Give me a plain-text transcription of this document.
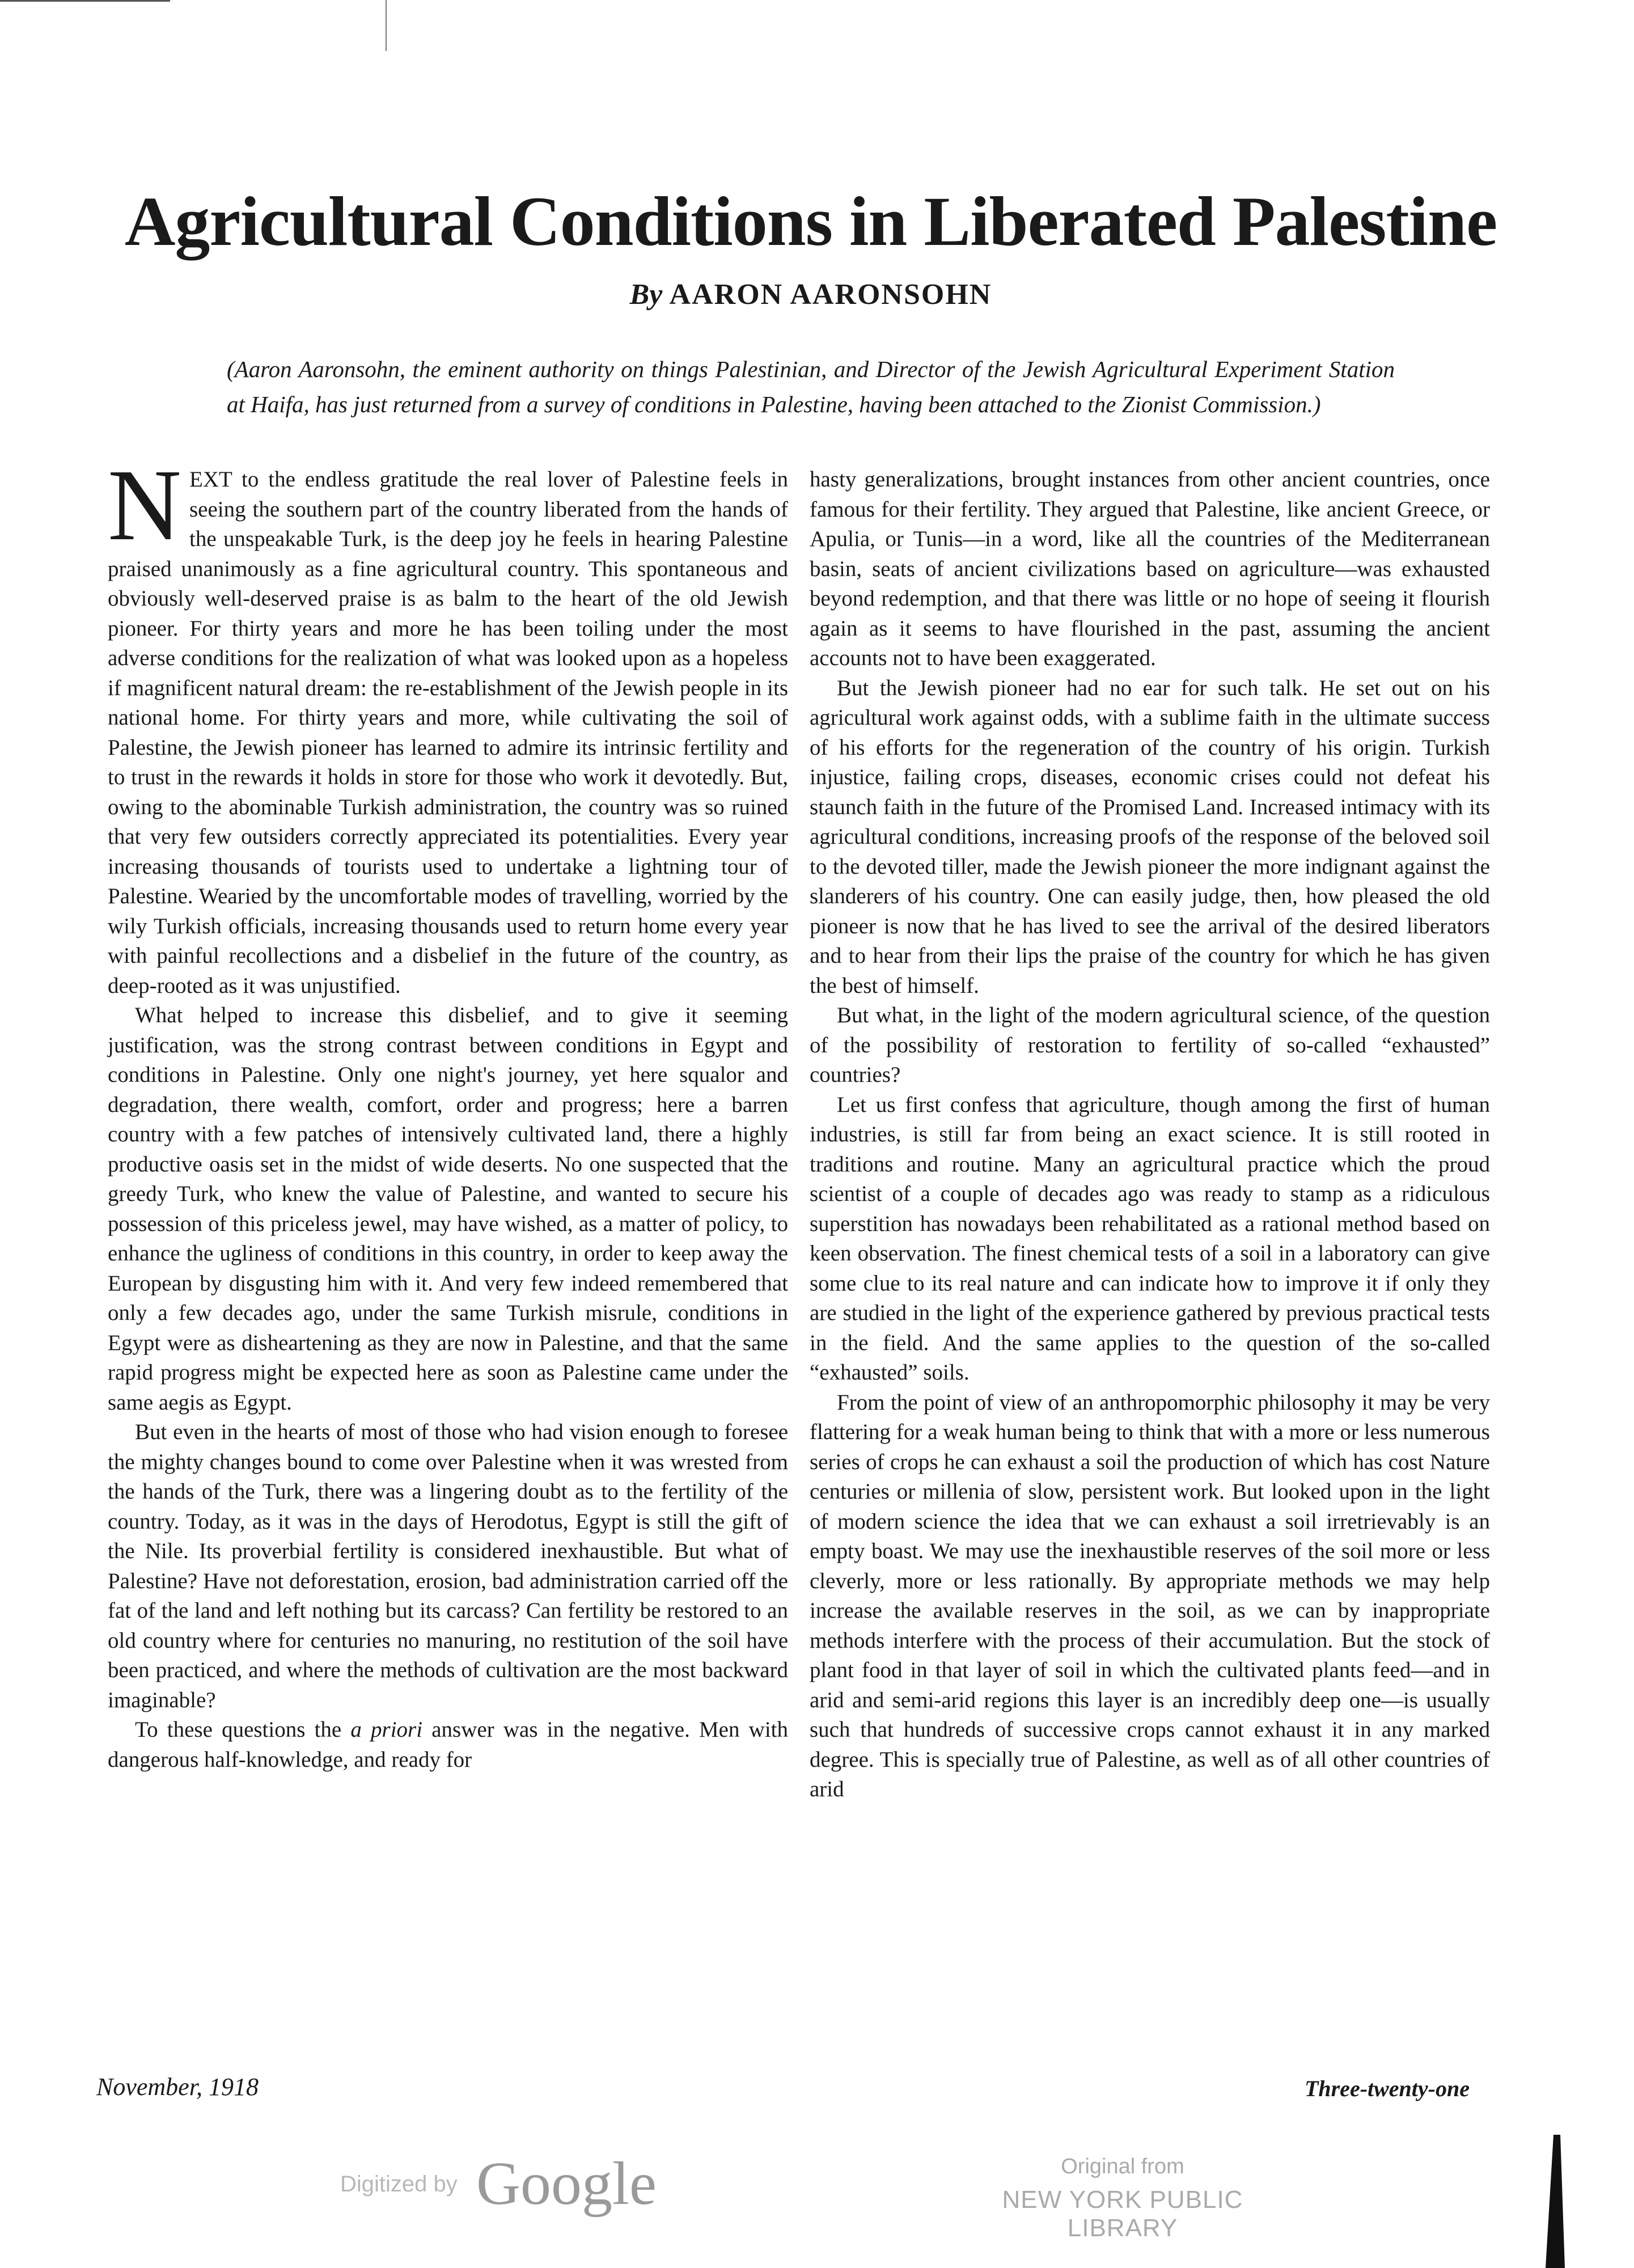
Agricultural Conditions in Liberated Palestine
By AARON AARONSOHN
(Aaron Aaronsohn, the eminent authority on things Palestinian, and Director of the Jewish Agricultural Experiment Station at Haifa, has just returned from a survey of conditions in Palestine, having been attached to the Zionist Commission.)

NEXT to the endless gratitude the real lover of Palestine feels in seeing the southern part of the country liberated from the hands of the unspeakable Turk, is the deep joy he feels in hearing Palestine praised unanimously as a fine agricultural country. This spontaneous and obviously well-deserved praise is as balm to the heart of the old Jewish pioneer. For thirty years and more he has been toiling under the most adverse conditions for the realization of what was looked upon as a hopeless if magnificent natural dream: the re-establishment of the Jewish people in its national home. For thirty years and more, while cultivating the soil of Palestine, the Jewish pioneer has learned to admire its intrinsic fertility and to trust in the rewards it holds in store for those who work it devotedly. But, owing to the abominable Turkish administration, the country was so ruined that very few outsiders correctly appreciated its potentialities. Every year increasing thousands of tourists used to undertake a lightning tour of Palestine. Wearied by the uncomfortable modes of travelling, worried by the wily Turkish officials, increasing thousands used to return home every year with painful recollections and a disbelief in the future of the country, as deep-rooted as it was unjustified.

What helped to increase this disbelief, and to give it seeming justification, was the strong contrast between conditions in Egypt and conditions in Palestine. Only one night's journey, yet here squalor and degradation, there wealth, comfort, order and progress; here a barren country with a few patches of intensively cultivated land, there a highly productive oasis set in the midst of wide deserts. No one suspected that the greedy Turk, who knew the value of Palestine, and wanted to secure his possession of this priceless jewel, may have wished, as a matter of policy, to enhance the ugliness of conditions in this country, in order to keep away the European by disgusting him with it. And very few indeed remembered that only a few decades ago, under the same Turkish misrule, conditions in Egypt were as disheartening as they are now in Palestine, and that the same rapid progress might be expected here as soon as Palestine came under the same aegis as Egypt.

But even in the hearts of most of those who had vision enough to foresee the mighty changes bound to come over Palestine when it was wrested from the hands of the Turk, there was a lingering doubt as to the fertility of the country. Today, as it was in the days of Herodotus, Egypt is still the gift of the Nile. Its proverbial fertility is considered inexhaustible. But what of Palestine? Have not deforestation, erosion, bad administration carried off the fat of the land and left nothing but its carcass? Can fertility be restored to an old country where for centuries no manuring, no restitution of the soil have been practiced, and where the methods of cultivation are the most backward imaginable?

To these questions the a priori answer was in the negative. Men with dangerous half-knowledge, and ready for

hasty generalizations, brought instances from other ancient countries, once famous for their fertility. They argued that Palestine, like ancient Greece, or Apulia, or Tunis—in a word, like all the countries of the Mediterranean basin, seats of ancient civilizations based on agriculture—was exhausted beyond redemption, and that there was little or no hope of seeing it flourish again as it seems to have flourished in the past, assuming the ancient accounts not to have been exaggerated.

But the Jewish pioneer had no ear for such talk. He set out on his agricultural work against odds, with a sublime faith in the ultimate success of his efforts for the regeneration of the country of his origin. Turkish injustice, failing crops, diseases, economic crises could not defeat his staunch faith in the future of the Promised Land. Increased intimacy with its agricultural conditions, increasing proofs of the response of the beloved soil to the devoted tiller, made the Jewish pioneer the more indignant against the slanderers of his country. One can easily judge, then, how pleased the old pioneer is now that he has lived to see the arrival of the desired liberators and to hear from their lips the praise of the country for which he has given the best of himself.

But what, in the light of the modern agricultural science, of the question of the possibility of restoration to fertility of so-called “exhausted” countries?

Let us first confess that agriculture, though among the first of human industries, is still far from being an exact science. It is still rooted in traditions and routine. Many an agricultural practice which the proud scientist of a couple of decades ago was ready to stamp as a ridiculous superstition has nowadays been rehabilitated as a rational method based on keen observation. The finest chemical tests of a soil in a laboratory can give some clue to its real nature and can indicate how to improve it if only they are studied in the light of the experience gathered by previous practical tests in the field. And the same applies to the question of the so-called “exhausted” soils.

From the point of view of an anthropomorphic philosophy it may be very flattering for a weak human being to think that with a more or less numerous series of crops he can exhaust a soil the production of which has cost Nature centuries or millenia of slow, persistent work. But looked upon in the light of modern science the idea that we can exhaust a soil irretrievably is an empty boast. We may use the inexhaustible reserves of the soil more or less cleverly, more or less rationally. By appropriate methods we may help increase the available reserves in the soil, as we can by inappropriate methods interfere with the process of their accumulation. But the stock of plant food in that layer of soil in which the cultivated plants feed—and in arid and semi-arid regions this layer is an incredibly deep one—is usually such that hundreds of successive crops cannot exhaust it in any marked degree. This is specially true of Palestine, as well as of all other countries of arid

November, 1918	Three-twenty-one
Digitized by Google	Original from
NEW YORK PUBLIC LIBRARY
